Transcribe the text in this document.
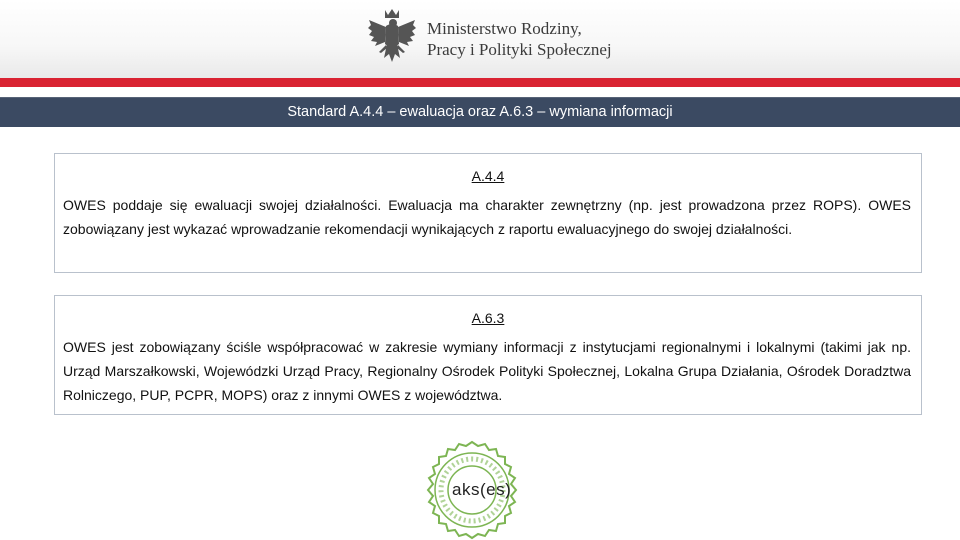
Ministerstwo Rodziny,
Pracy i Polityki Społecznej
Standard A.4.4 – ewaluacja oraz A.6.3 – wymiana informacji
A.4.4
OWES poddaje się ewaluacji swojej działalności. Ewaluacja ma charakter zewnętrzny (np. jest prowadzona przez ROPS). OWES zobowiązany jest wykazać wprowadzanie rekomendacji wynikających z raportu ewaluacyjnego do swojej działalności.
A.6.3
OWES jest zobowiązany ściśle współpracować w zakresie wymiany informacji z instytucjami regionalnymi i lokalnymi (takimi jak np. Urząd Marszałkowski, Wojewódzki Urząd Pracy, Regionalny Ośrodek Polityki Społecznej, Lokalna Grupa Działania, Ośrodek Doradztwa Rolniczego, PUP, PCPR, MOPS) oraz z innymi OWES z województwa.
aks(es)
